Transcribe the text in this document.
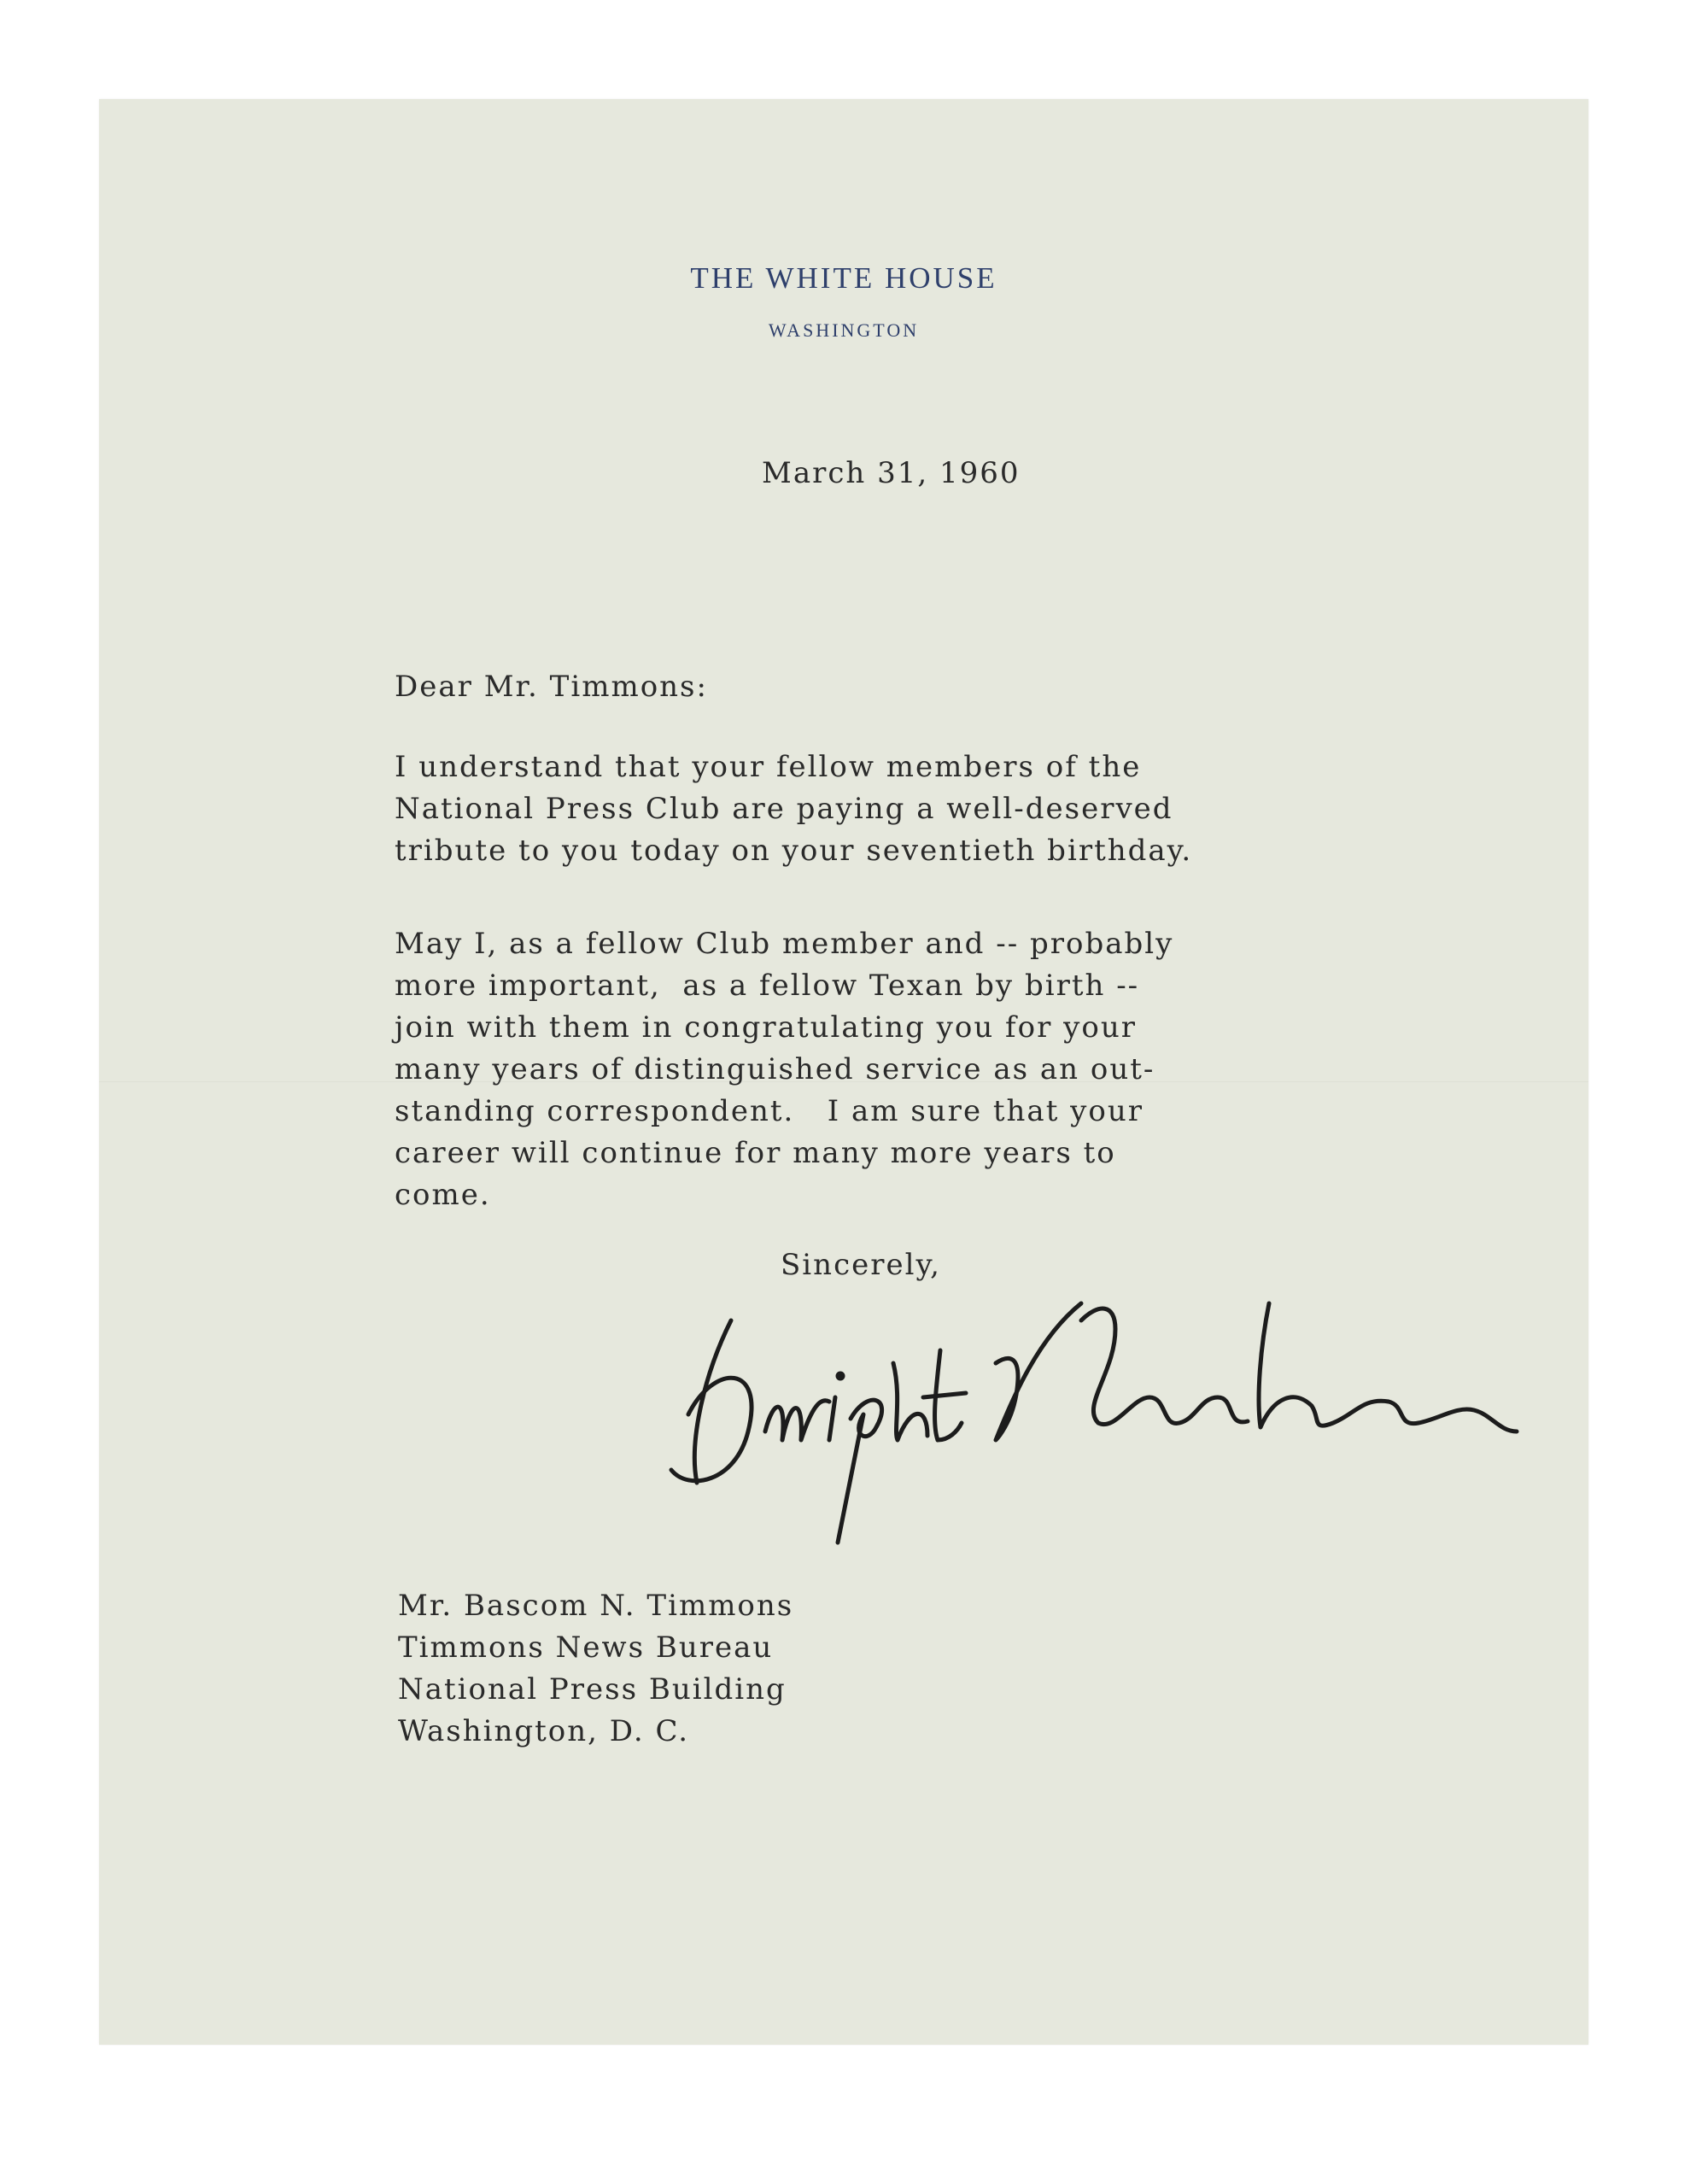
THE WHITE HOUSE
WASHINGTON
March 31, 1960
Dear Mr. Timmons:
I understand that your fellow members of the
National Press Club are paying a well-deserved
tribute to you today on your seventieth birthday.
May I, as a fellow Club member and -- probably
more important,  as a fellow Texan by birth --
join with them in congratulating you for your
many years of distinguished service as an out-
standing correspondent.   I am sure that your
career will continue for many more years to
come.
Sincerely,
Mr. Bascom N. Timmons
Timmons News Bureau
National Press Building
Washington, D. C.
